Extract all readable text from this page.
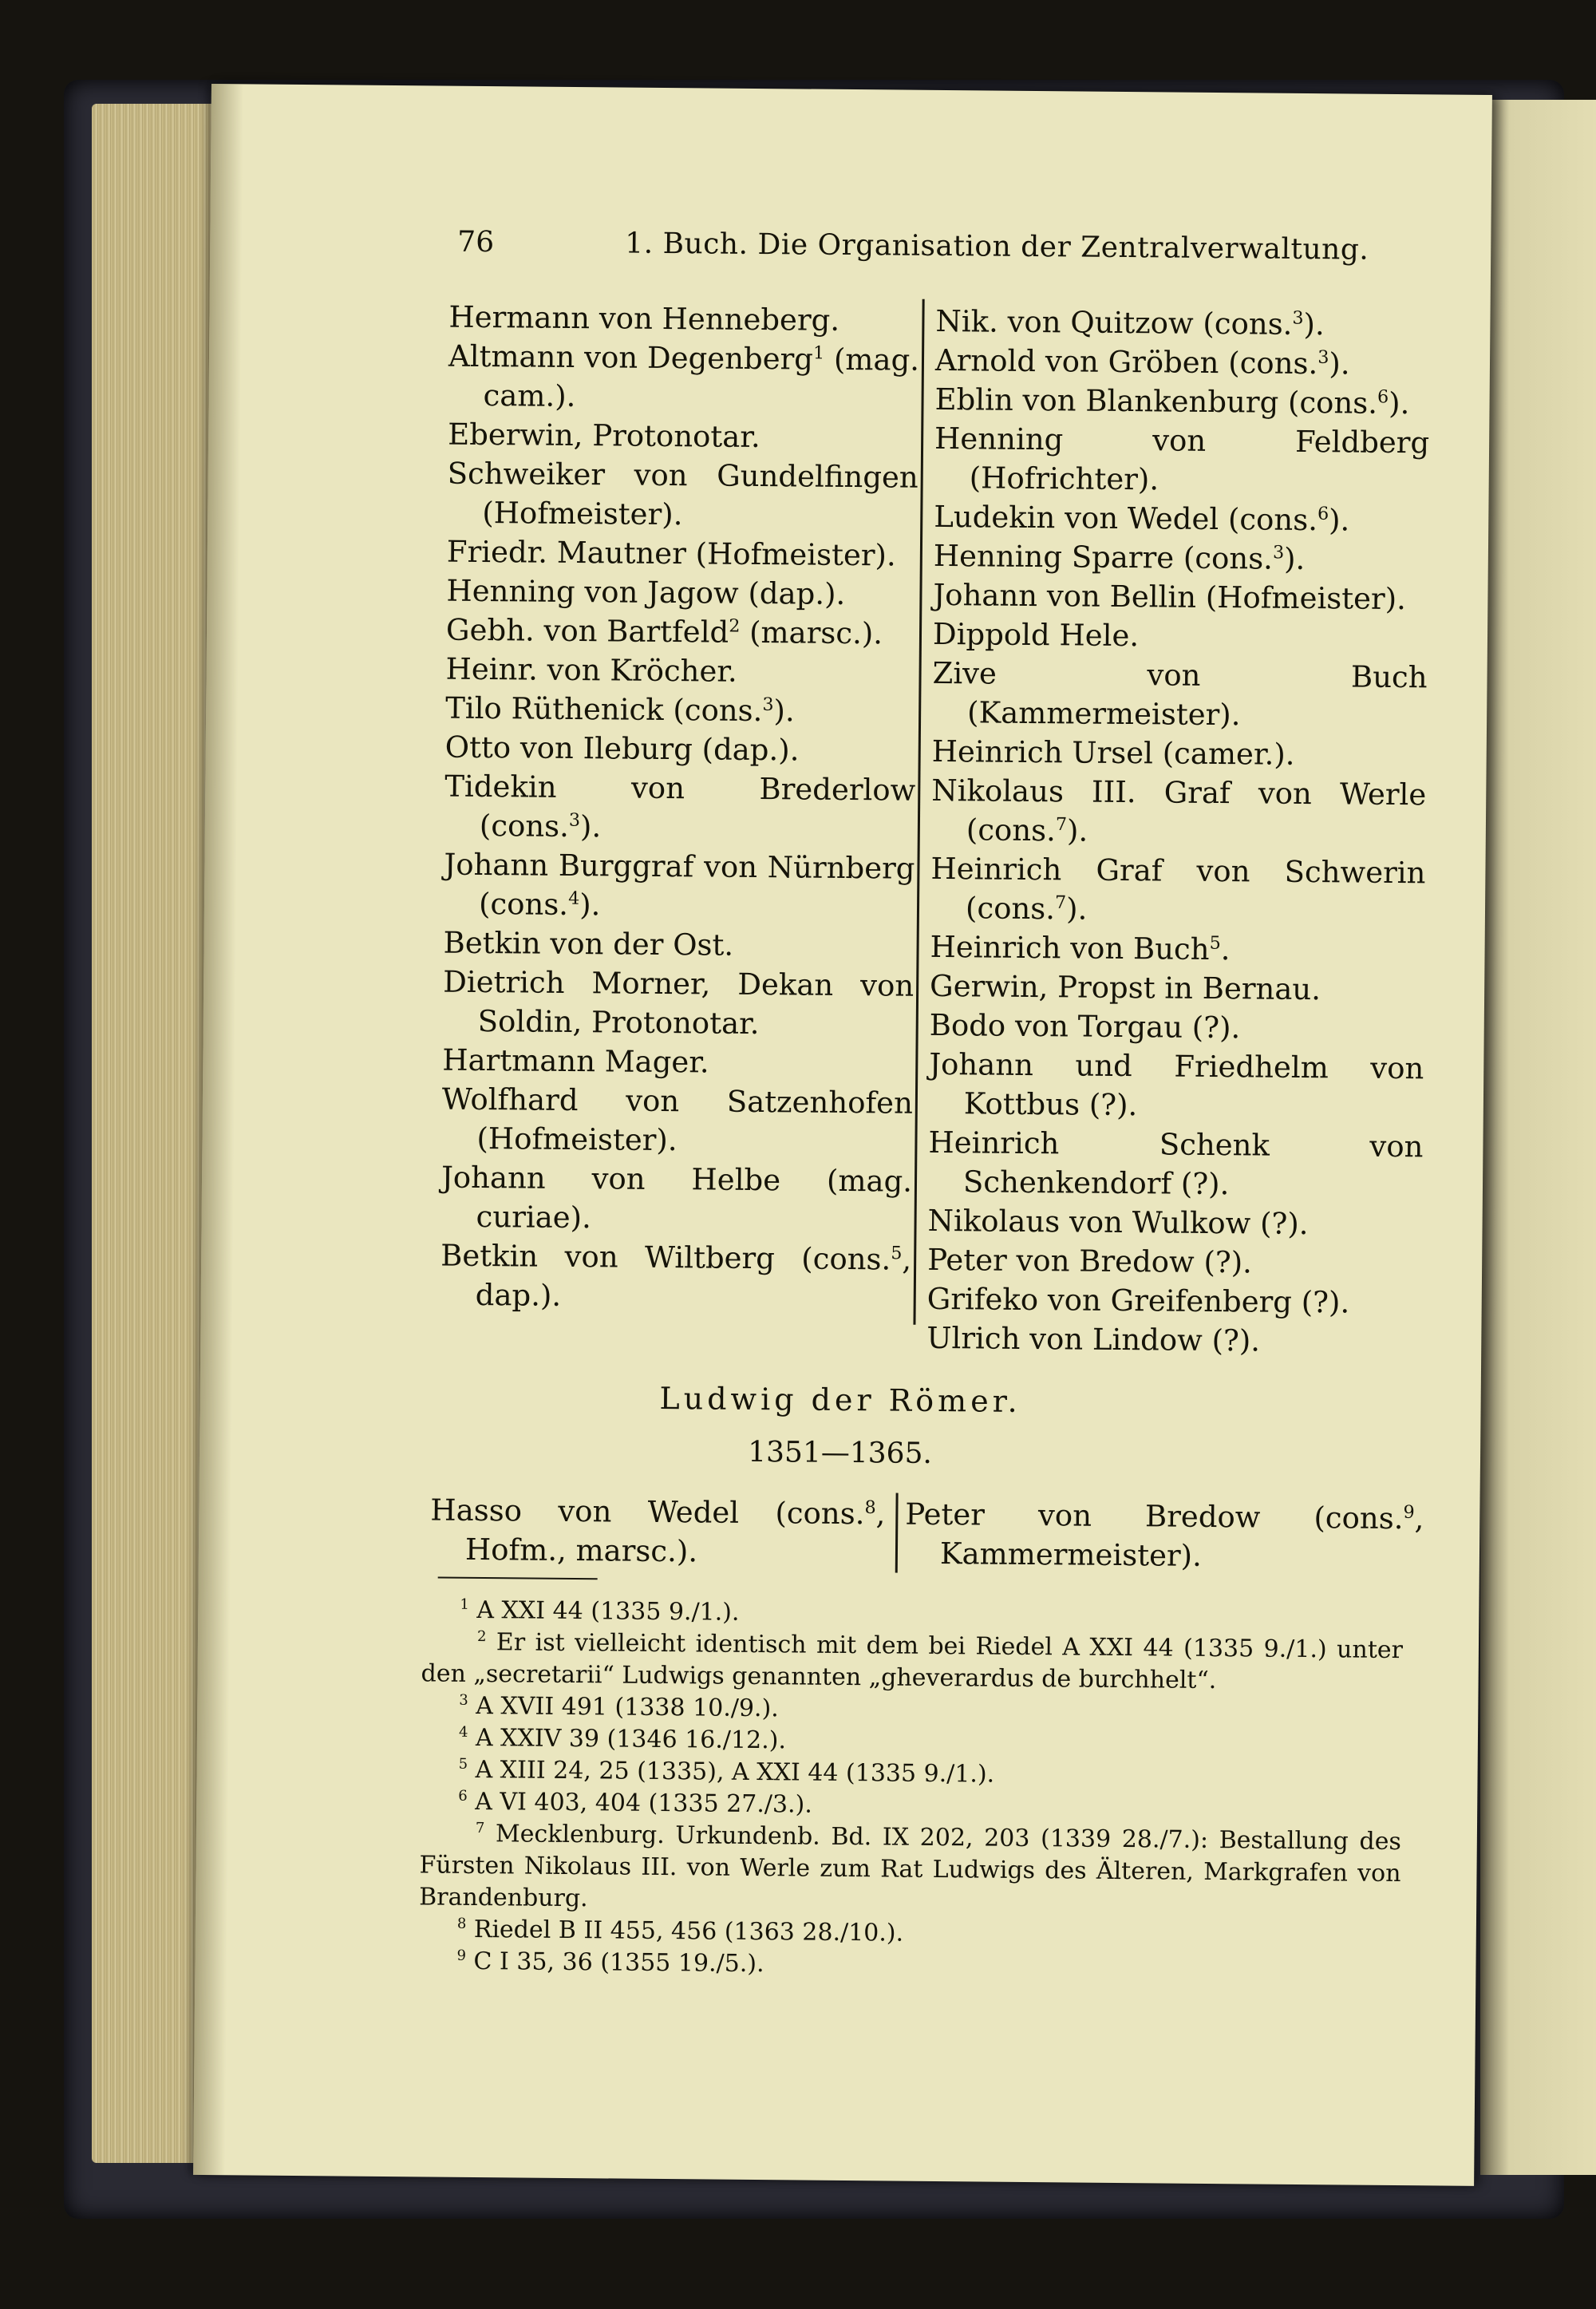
76	1. Buch. Die Organisation der Zentralverwaltung.

Hermann von Henneberg.

Altmann von Degenberg$^1$ (mag. cam.).

Eberwin, Protonotar.

Schweiker von Gundelfingen (Hofmeister).

Friedr. Mautner (Hofmeister).

Henning von Jagow (dap.).

Gebh. von Bartfeld$^2$ (marsc.).

Heinr. von Kröcher.

Tilo Rüthenick (cons.$^3$).

Otto von Ileburg (dap.).

Tidekin von Brederlow (cons.$^3$).

Johann Burggraf von Nürnberg (cons.$^4$).

Betkin von der Ost.

Dietrich Morner, Dekan von Soldin, Protonotar.

Hartmann Mager.

Wolfhard von Satzenhofen (Hofmeister).

Johann von Helbe (mag. curiae).

Betkin von Wiltberg (cons.$^5$, dap.).

Nik. von Quitzow (cons.$^3$).

Arnold von Gröben (cons.$^3$).

Eblin von Blankenburg (cons.$^6$).

Henning von Feldberg (Hofrichter).

Ludekin von Wedel (cons.$^6$).

Henning Sparre (cons.$^3$).

Johann von Bellin (Hofmeister).

Dippold Hele.

Zive von Buch (Kammermeister).

Heinrich Ursel (camer.).

Nikolaus III. Graf von Werle (cons.$^7$).

Heinrich Graf von Schwerin (cons.$^7$).

Heinrich von Buch$^5$.

Gerwin, Propst in Bernau.

Bodo von Torgau (?).

Johann und Friedhelm von Kottbus (?).

Heinrich Schenk von Schenkendorf (?).

Nikolaus von Wulkow (?).

Peter von Bredow (?).

Grifeko von Greifenberg (?).

Ulrich von Lindow (?).

Ludwig der Römer.
1351—1365.

Hasso von Wedel (cons.$^8$, Hofm., marsc.).

Peter von Bredow (cons.$^9$, Kammermeister).

$^1$ A XXI 44 (1335 9./1.).

$^2$ Er ist vielleicht identisch mit dem bei Riedel A XXI 44 (1335 9./1.) unter den „secretarii“ Ludwigs genannten „gheverardus de burchhelt“.

$^3$ A XVII 491 (1338 10./9.).

$^4$ A XXIV 39 (1346 16./12.).

$^5$ A XIII 24, 25 (1335), A XXI 44 (1335 9./1.).

$^6$ A VI 403, 404 (1335 27./3.).

$^7$ Mecklenburg. Urkundenb. Bd. IX 202, 203 (1339 28./7.): Bestallung des Fürsten Nikolaus III. von Werle zum Rat Ludwigs des Älteren, Markgrafen von Brandenburg.

$^8$ Riedel B II 455, 456 (1363 28./10.).

$^9$ C I 35, 36 (1355 19./5.).
